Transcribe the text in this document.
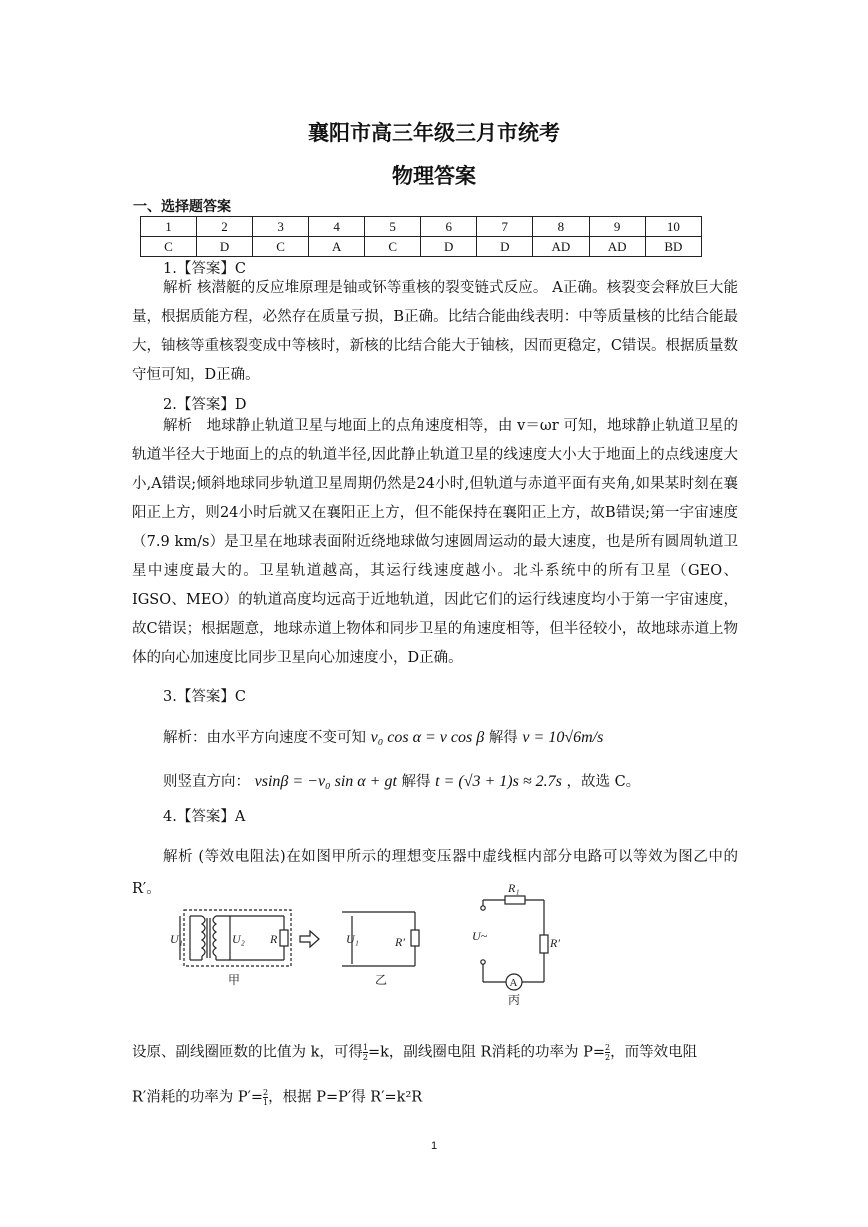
襄阳市高三年级三月市统考
物理答案
一、选择题答案
1	2	3	4	5	6	7	8	9	10
C	D	C	A	C	D	D	AD	AD	BD
1.【答案】C
解析 核潜艇的反应堆原理是铀或钚等重核的裂变链式反应。 A正确。核裂变会释放巨大能量，根据质能方程，必然存在质量亏损，B正确。比结合能曲线表明：中等质量核的比结合能最大，铀核等重核裂变成中等核时，新核的比结合能大于铀核，因而更稳定，C错误。根据质量数守恒可知，D正确。
2.【答案】D
解析　地球静止轨道卫星与地面上的点角速度相等，由 v＝ωr 可知，地球静止轨道卫星的轨道半径大于地面上的点的轨道半径,因此静止轨道卫星的线速度大小大于地面上的点线速度大小,A错误;倾斜地球同步轨道卫星周期仍然是24小时,但轨道与赤道平面有夹角,如果某时刻在襄阳正上方，则24小时后就又在襄阳正上方，但不能保持在襄阳正上方，故B错误;第一宇宙速度（7.9 km/s）是卫星在地球表面附近绕地球做匀速圆周运动的最大速度，也是所有圆周轨道卫星中速度最大的。卫星轨道越高，其运行线速度越小。北斗系统中的所有卫星（GEO、IGSO、MEO）的轨道高度均远高于近地轨道，因此它们的运行线速度均小于第一宇宙速度，故C错误；根据题意，地球赤道上物体和同步卫星的角速度相等，但半径较小，故地球赤道上物体的向心加速度比同步卫星向心加速度小，D正确。
3.【答案】C
解析：由水平方向速度不变可知 v₀ cos α = v cos β 解得 v = 10√6m/s
则竖直方向： vsinβ = −v₀ sin α + gt 解得 t = (√3 + 1)s ≈ 2.7s ，故选 C。
4.【答案】A
解析 (等效电阻法)在如图甲所示的理想变压器中虚线框内部分电路可以等效为图乙中的 R′。
U₁	U₂ R	U₁	R′
R₁
U~	R′
A
甲	乙
丙
设原、副线圈匝数的比值为 k，可得 $\frac{1}{2} =k$，副线圈电阻 R消耗的功率为 $P= \frac{2}{2}$ ，而等效电阻
R′消耗的功率为 $P'= \frac{2}{1}$ ，根据 P=P′得 R′=k²R
1
